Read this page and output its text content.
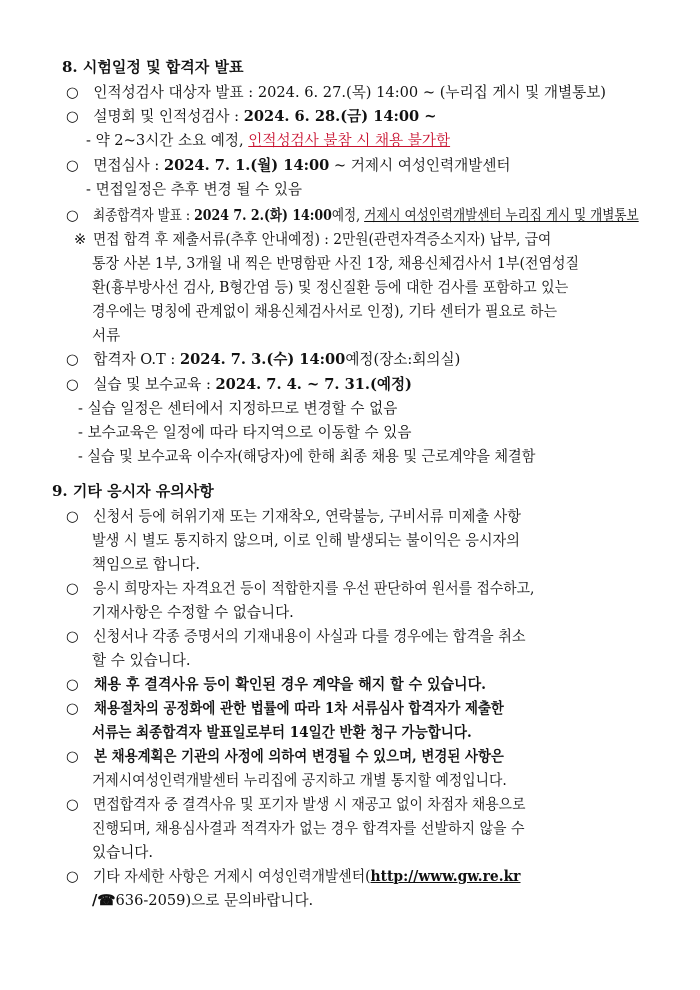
8. 시험일정 및 합격자 발표
○ 인적성검사 대상자 발표 : 2024. 6. 27.(목) 14:00 ~ (누리집 게시 및 개별통보)
○ 설명회 및 인적성검사 : 2024. 6. 28.(금) 14:00 ~
- 약 2~3시간 소요 예정, 인적성검사 불참 시 채용 불가함
○ 면접심사 : 2024. 7. 1.(월) 14:00 ~ 거제시 여성인력개발센터
- 면접일정은 추후 변경 될 수 있음
○ 최종합격자 발표 : 2024 7. 2.(화) 14:00예정, 거제시 여성인력개발센터 누리집 게시 및 개별통보
※ 면접 합격 후 제출서류(추후 안내예정) : 2만원(관련자격증소지자) 납부, 급여
통장 사본 1부, 3개월 내 찍은 반명함판 사진 1장, 채용신체검사서 1부(전염성질
환(흉부방사선 검사, B형간염 등) 및 정신질환 등에 대한 검사를 포함하고 있는
경우에는 명칭에 관계없이 채용신체검사서로 인정), 기타 센터가 필요로 하는
서류
○ 합격자 O.T : 2024. 7. 3.(수) 14:00예정(장소:회의실)
○ 실습 및 보수교육 : 2024. 7. 4. ~ 7. 31.(예정)
- 실습 일정은 센터에서 지정하므로 변경할 수 없음
- 보수교육은 일정에 따라 타지역으로 이동할 수 있음
- 실습 및 보수교육 이수자(해당자)에 한해 최종 채용 및 근로계약을 체결함
9. 기타 응시자 유의사항
○ 신청서 등에 허위기재 또는 기재착오, 연락불능, 구비서류 미제출 사항
발생 시 별도 통지하지 않으며, 이로 인해 발생되는 불이익은 응시자의
책임으로 합니다.
○ 응시 희망자는 자격요건 등이 적합한지를 우선 판단하여 원서를 접수하고,
기재사항은 수정할 수 없습니다.
○ 신청서나 각종 증명서의 기재내용이 사실과 다를 경우에는 합격을 취소
할 수 있습니다.
○ 채용 후 결격사유 등이 확인된 경우 계약을 해지 할 수 있습니다.
○ 채용절차의 공정화에 관한 법률에 따라 1차 서류심사 합격자가 제출한
서류는 최종합격자 발표일로부터 14일간 반환 청구 가능합니다.
○ 본 채용계획은 기관의 사정에 의하여 변경될 수 있으며, 변경된 사항은
거제시여성인력개발센터 누리집에 공지하고 개별 통지할 예정입니다.
○ 면접합격자 중 결격사유 및 포기자 발생 시 재공고 없이 차점자 채용으로
진행되며, 채용심사결과 적격자가 없는 경우 합격자를 선발하지 않을 수
있습니다.
○ 기타 자세한 사항은 거제시 여성인력개발센터(http://www.gw.re.kr
/☎636-2059)으로 문의바랍니다.
